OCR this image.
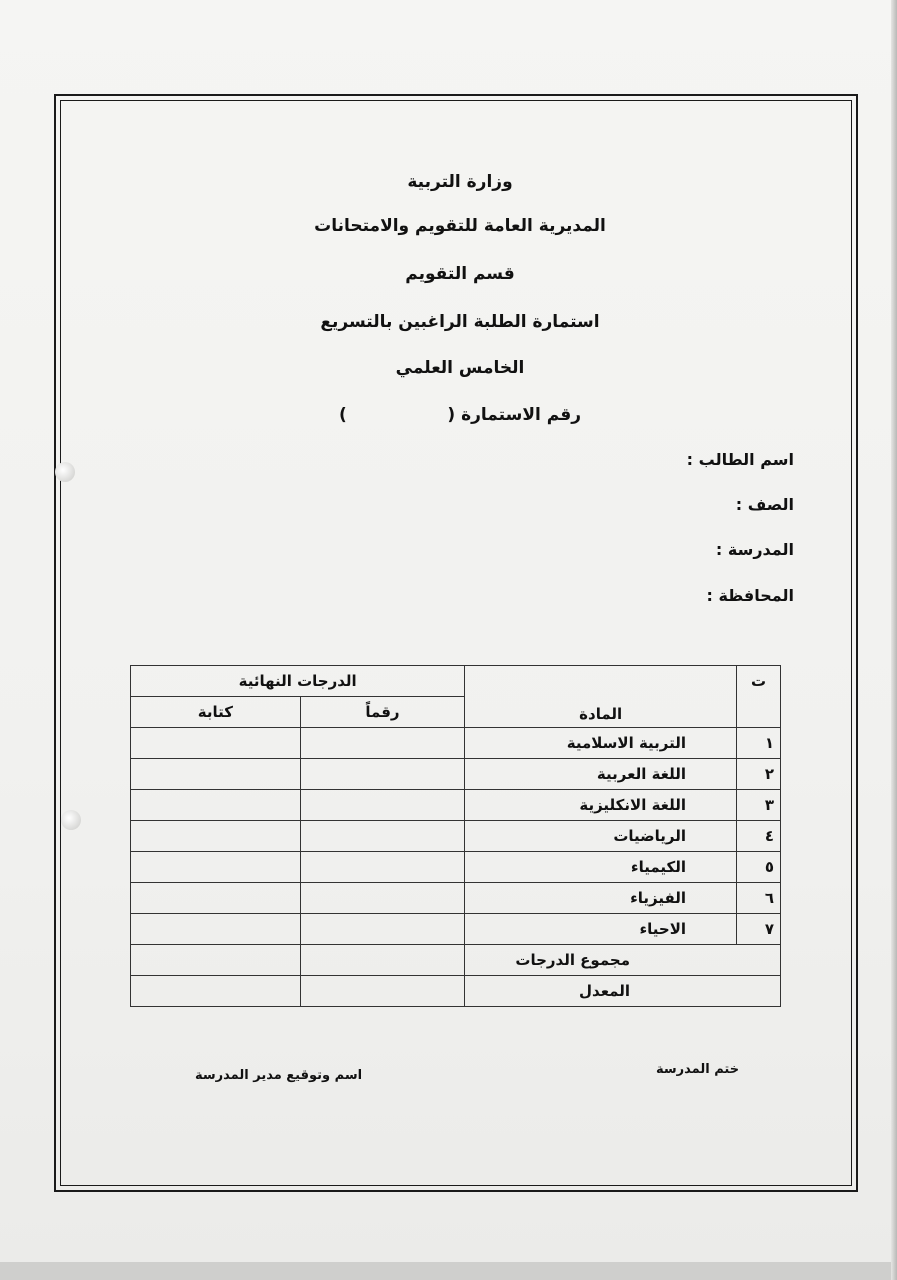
وزارة التربية
المديرية العامة للتقويم والامتحانات
قسم التقويم
استمارة الطلبة الراغبين بالتسريع
الخامس العلمي
رقم الاستمارة (                 )
اسم الطالب :
الصف :
المدرسة :
المحافظة :
ت	المادة	الدرجات النهائية	
		رقماً	كتابة
١	التربية الاسلامية		
٢	اللغة العربية		
٣	اللغة الانكليزية		
٤	الرياضيات		
٥	الكيمياء		
٦	الفيزياء		
٧	الاحياء		
مجموع الدرجات			
المعدل			
ختم المدرسة
اسم وتوقيع مدير المدرسة
